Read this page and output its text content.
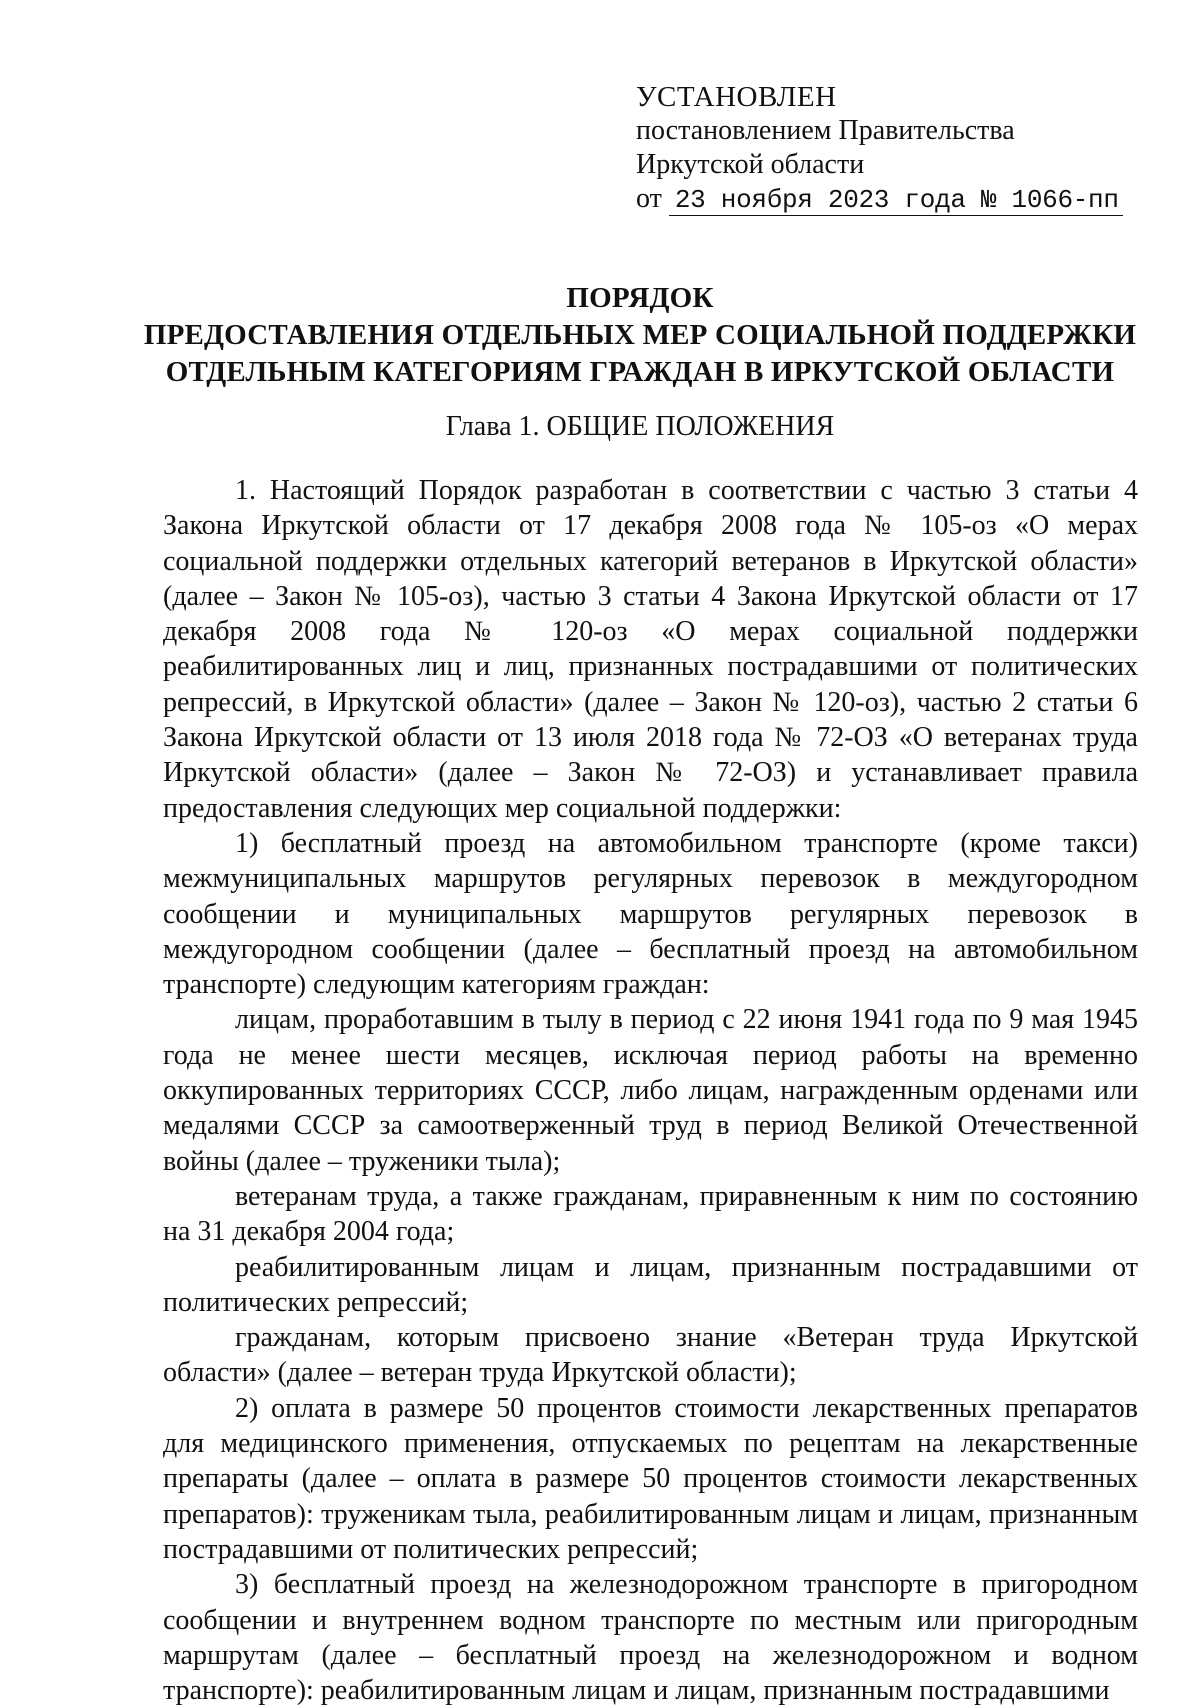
УСТАНОВЛЕН
постановлением Правительства
Иркутской области
от 23 ноября 2023 года № 1066-пп
ПОРЯДОК
ПРЕДОСТАВЛЕНИЯ ОТДЕЛЬНЫХ МЕР СОЦИАЛЬНОЙ ПОДДЕРЖКИ
ОТДЕЛЬНЫМ КАТЕГОРИЯМ ГРАЖДАН В ИРКУТСКОЙ ОБЛАСТИ
Глава 1. ОБЩИЕ ПОЛОЖЕНИЯ

1. Настоящий Порядок разработан в соответствии с частью 3 статьи 4 Закона Иркутской области от 17 декабря 2008 года № 105-оз «О мерах социальной поддержки отдельных категорий ветеранов в Иркутской области» (далее – Закон № 105-оз), частью 3 статьи 4 Закона Иркутской области от 17 декабря 2008 года № 120-оз «О мерах социальной поддержки реабилитированных лиц и лиц, признанных пострадавшими от политических репрессий, в Иркутской области» (далее – Закон № 120-оз), частью 2 статьи 6 Закона Иркутской области от 13 июля 2018 года № 72-ОЗ «О ветеранах труда Иркутской области» (далее – Закон № 72-ОЗ) и устанавливает правила предоставления следующих мер социальной поддержки:

1) бесплатный проезд на автомобильном транспорте (кроме такси) межмуниципальных маршрутов регулярных перевозок в междугородном сообщении и муниципальных маршрутов регулярных перевозок в междугородном сообщении (далее – бесплатный проезд на автомобильном транспорте) следующим категориям граждан:

лицам, проработавшим в тылу в период с 22 июня 1941 года по 9 мая 1945 года не менее шести месяцев, исключая период работы на временно оккупированных территориях СССР, либо лицам, награжденным орденами или медалями СССР за самоотверженный труд в период Великой Отечественной войны (далее – труженики тыла);

ветеранам труда, а также гражданам, приравненным к ним по состоянию на 31 декабря 2004 года;

реабилитированным лицам и лицам, признанным пострадавшими от политических репрессий;

гражданам, которым присвоено знание «Ветеран труда Иркутской области» (далее – ветеран труда Иркутской области);

2) оплата в размере 50 процентов стоимости лекарственных препаратов для медицинского применения, отпускаемых по рецептам на лекарственные препараты (далее – оплата в размере 50 процентов стоимости лекарственных препаратов): труженикам тыла, реабилитированным лицам и лицам, признанным пострадавшими от политических репрессий;

3) бесплатный проезд на железнодорожном транспорте в пригородном сообщении и внутреннем водном транспорте по местным или пригородным маршрутам (далее – бесплатный проезд на железнодорожном и водном транспорте): реабилитированным лицам и лицам, признанным пострадавшими
